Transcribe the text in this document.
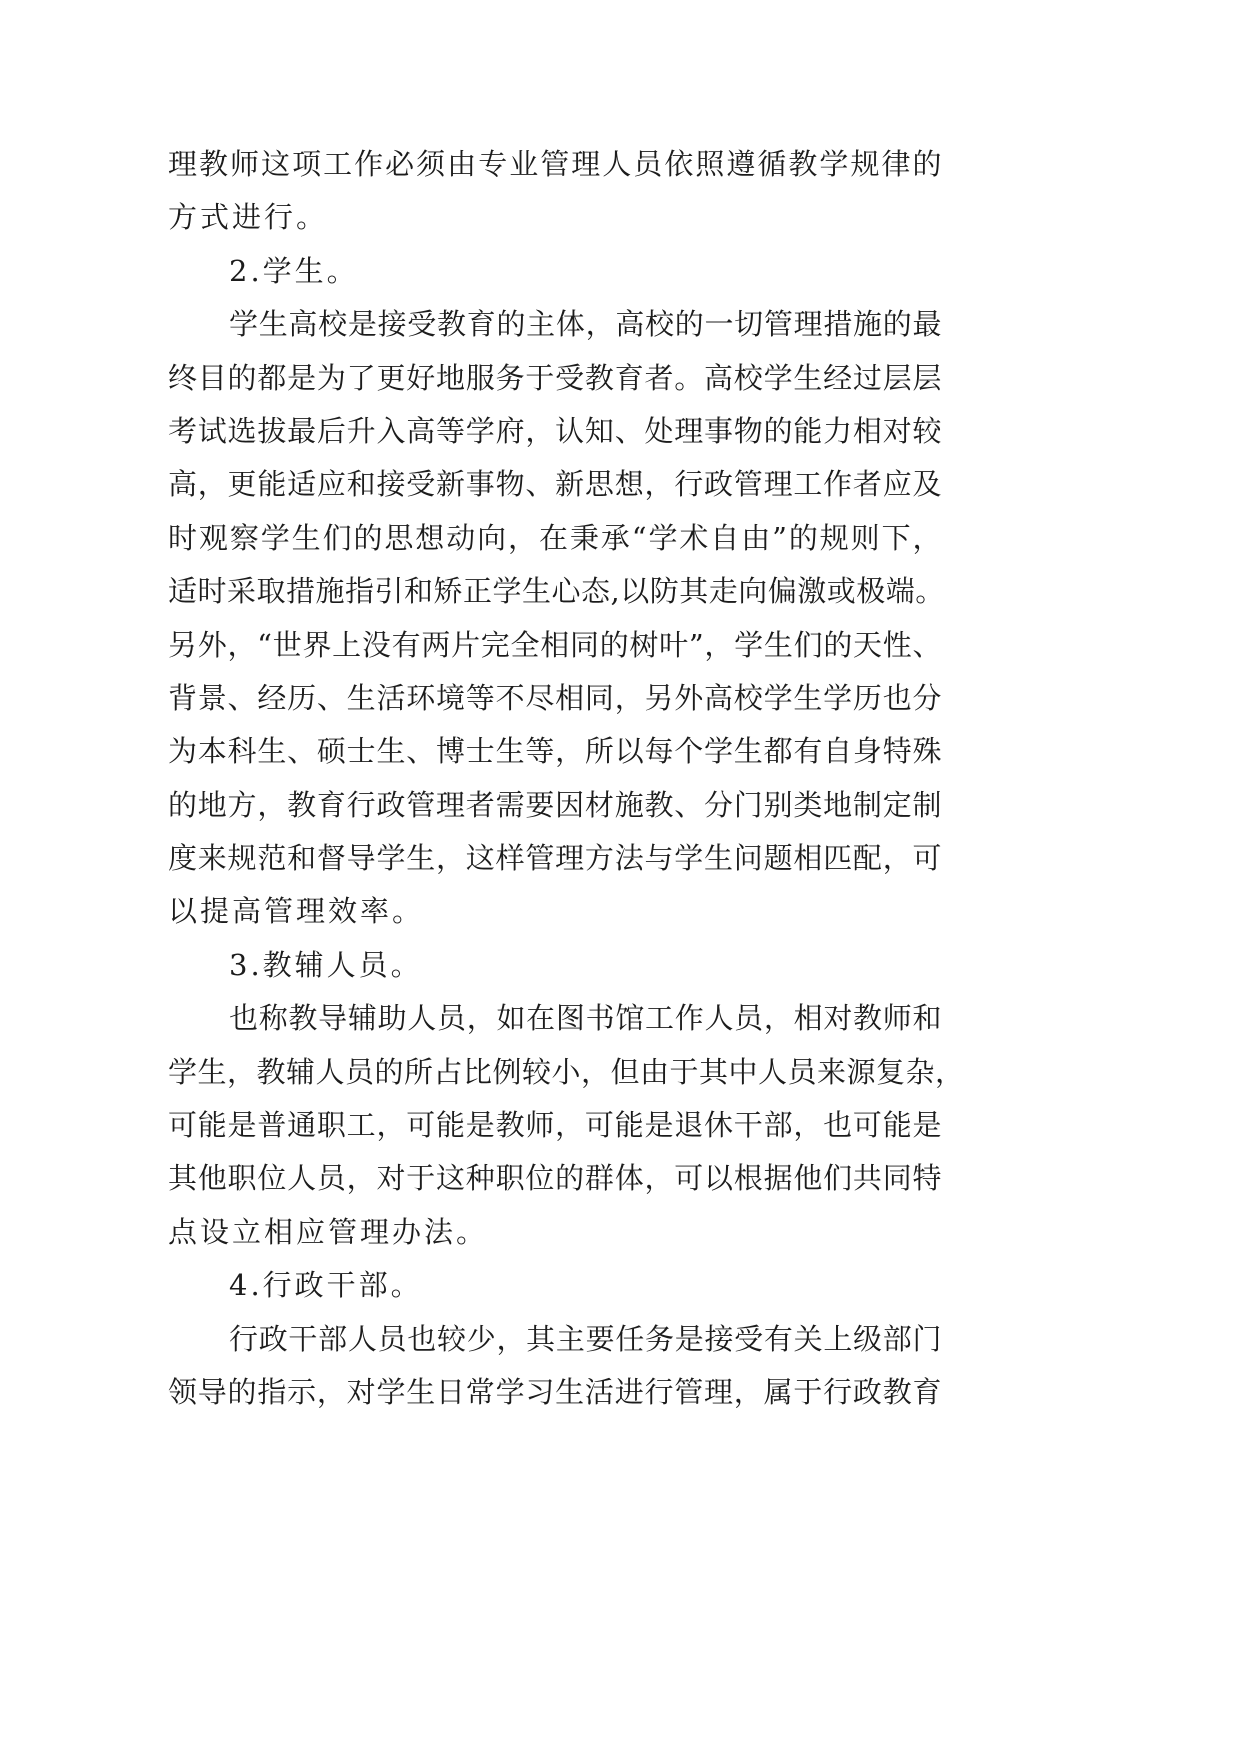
理教师这项工作必须由专业管理人员依照遵循教学规律的
方式进行。

2.学生。

学生高校是接受教育的主体，高校的一切管理措施的最
终目的都是为了更好地服务于受教育者。高校学生经过层层
考试选拔最后升入高等学府，认知、处理事物的能力相对较
高，更能适应和接受新事物、新思想，行政管理工作者应及
时观察学生们的思想动向，在秉承“学术自由”的规则下，
适时采取措施指引和矫正学生心态,以防其走向偏激或极端。
另外，“世界上没有两片完全相同的树叶”，学生们的天性、
背景、经历、生活环境等不尽相同，另外高校学生学历也分
为本科生、硕士生、博士生等，所以每个学生都有自身特殊
的地方，教育行政管理者需要因材施教、分门别类地制定制
度来规范和督导学生，这样管理方法与学生问题相匹配，可
以提高管理效率。

3.教辅人员。

也称教导辅助人员，如在图书馆工作人员，相对教师和
学生，教辅人员的所占比例较小，但由于其中人员来源复杂，
可能是普通职工，可能是教师，可能是退休干部，也可能是
其他职位人员，对于这种职位的群体，可以根据他们共同特
点设立相应管理办法。

4.行政干部。

行政干部人员也较少，其主要任务是接受有关上级部门
领导的指示，对学生日常学习生活进行管理，属于行政教育
